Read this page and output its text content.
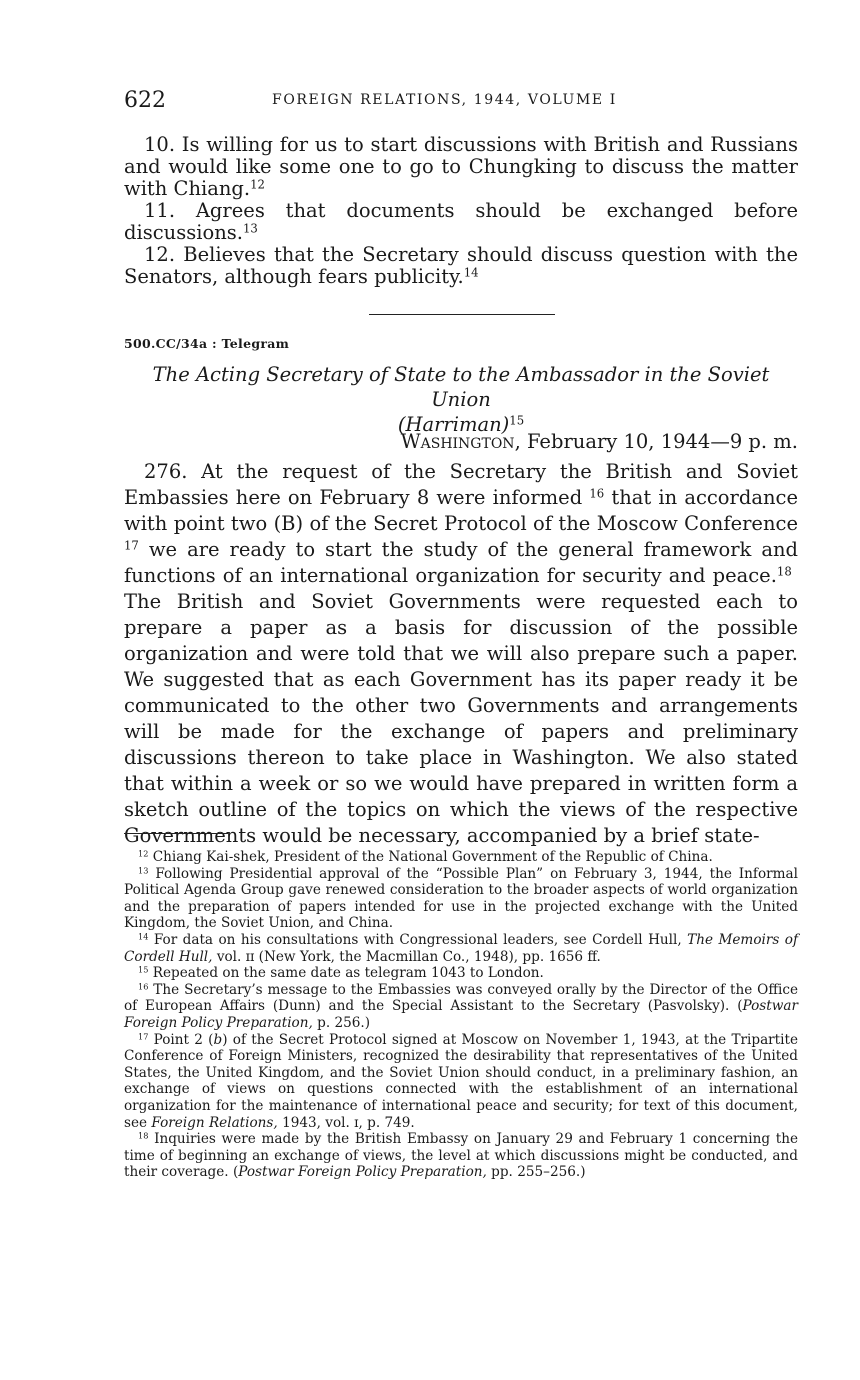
622	FOREIGN RELATIONS, 1944, VOLUME I

10. Is willing for us to start discussions with British and Russians and would like some one to go to Chungking to discuss the matter with Chiang.$^{12}$

11. Agrees that documents should be exchanged before discussions.$^{13}$

12. Believes that the Secretary should discuss question with the Senators, although fears publicity.$^{14}$

500.CC/34a : Telegram
The Acting Secretary of State to the Ambassador in the Soviet Union
(Harriman)$^{15}$
Washington, February 10, 1944—9 p. m.

276. At the request of the Secretary the British and Soviet Embassies here on February 8 were informed $^{16}$ that in accordance with point two (B) of the Secret Protocol of the Moscow Conference $^{17}$ we are ready to start the study of the general framework and functions of an international organization for security and peace.$^{18}$  The British and Soviet Governments were requested each to prepare a paper as a basis for discussion of the possible organization and were told that we will also prepare such a paper. We suggested that as each Government has its paper ready it be communicated to the other two Governments and arrangements will be made for the exchange of papers and preliminary discussions thereon to take place in Washington. We also stated that within a week or so we would have prepared in written form a sketch outline of the topics on which the views of the respective Governments would be necessary, accompanied by a brief state-

$^{12}$ Chiang Kai-shek, President of the National Government of the Republic of China.

$^{13}$ Following Presidential approval of the “Possible Plan” on February 3, 1944, the Informal Political Agenda Group gave renewed consideration to the broader aspects of world organization and the preparation of papers intended for use in the projected exchange with the United Kingdom, the Soviet Union, and China.

$^{14}$ For data on his consultations with Congressional leaders, see Cordell Hull, The Memoirs of Cordell Hull, vol. ɪɪ (New York, the Macmillan Co., 1948), pp. 1656 ff.

$^{15}$ Repeated on the same date as telegram 1043 to London.

$^{16}$ The Secretary’s message to the Embassies was conveyed orally by the Director of the Office of European Affairs (Dunn) and the Special Assistant to the Secretary (Pasvolsky). (Postwar Foreign Policy Preparation, p. 256.)

$^{17}$ Point 2 (b) of the Secret Protocol signed at Moscow on November 1, 1943, at the Tripartite Conference of Foreign Ministers, recognized the desirability that representatives of the United States, the United Kingdom, and the Soviet Union should conduct, in a preliminary fashion, an exchange of views on questions connected with the establishment of an international organization for the maintenance of international peace and security; for text of this document, see Foreign Relations, 1943, vol. ɪ, p. 749.

$^{18}$ Inquiries were made by the British Embassy on January 29 and February 1 concerning the time of beginning an exchange of views, the level at which discussions might be conducted, and their coverage. (Postwar Foreign Policy Preparation, pp. 255–256.)
